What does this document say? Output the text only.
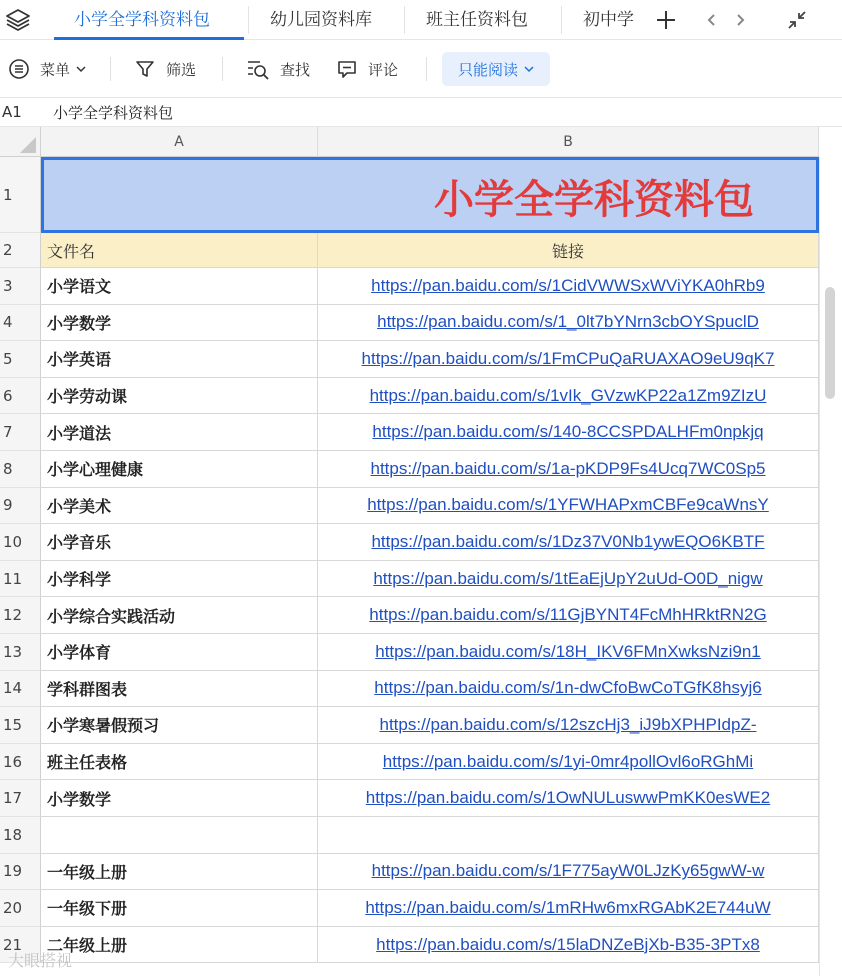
小学全学科资料包	幼儿园资料库	班主任资料包	初中学
菜单	筛选	查找	评论	只能阅读
A1 小学全学科资料包
A	B
1	小学全学科资料包
2	文件名	链接
3	小学语文	https://pan.baidu.com/s/1CidVWWSxWViYKA0hRb9
4	小学数学	https://pan.baidu.com/s/1_0lt7bYNrn3cbOYSpuclD
5	小学英语	https://pan.baidu.com/s/1FmCPuQaRUAXAO9eU9qK7
6	小学劳动课	https://pan.baidu.com/s/1vIk_GVzwKP22a1Zm9ZIzU
7	小学道法	https://pan.baidu.com/s/140-8CCSPDALHFm0npkjq
8	小学心理健康	https://pan.baidu.com/s/1a-pKDP9Fs4Ucq7WC0Sp5
9	小学美术	https://pan.baidu.com/s/1YFWHAPxmCBFe9caWnsY
10	小学音乐	https://pan.baidu.com/s/1Dz37V0Nb1ywEQO6KBTF
11	小学科学	https://pan.baidu.com/s/1tEaEjUpY2uUd-O0D_nigw
12	小学综合实践活动	https://pan.baidu.com/s/11GjBYNT4FcMhHRktRN2G
13	小学体育	https://pan.baidu.com/s/18H_IKV6FMnXwksNzi9n1
14	学科群图表	https://pan.baidu.com/s/1n-dwCfoBwCoTGfK8hsyj6
15	小学寒暑假预习	https://pan.baidu.com/s/12szcHj3_iJ9bXPHPIdpZ-
16	班主任表格	https://pan.baidu.com/s/1yi-0mr4pollOvl6oRGhMi
17	小学数学	https://pan.baidu.com/s/1OwNULuswwPmKK0esWE2
18
19	一年级上册	https://pan.baidu.com/s/1F775ayW0LJzKy65gwW-w
20	一年级下册	https://pan.baidu.com/s/1mRHw6mxRGAbK2E744uW
21	二年级上册	https://pan.baidu.com/s/15laDNZeBjXb-B35-3PTx8
大眼搭视
